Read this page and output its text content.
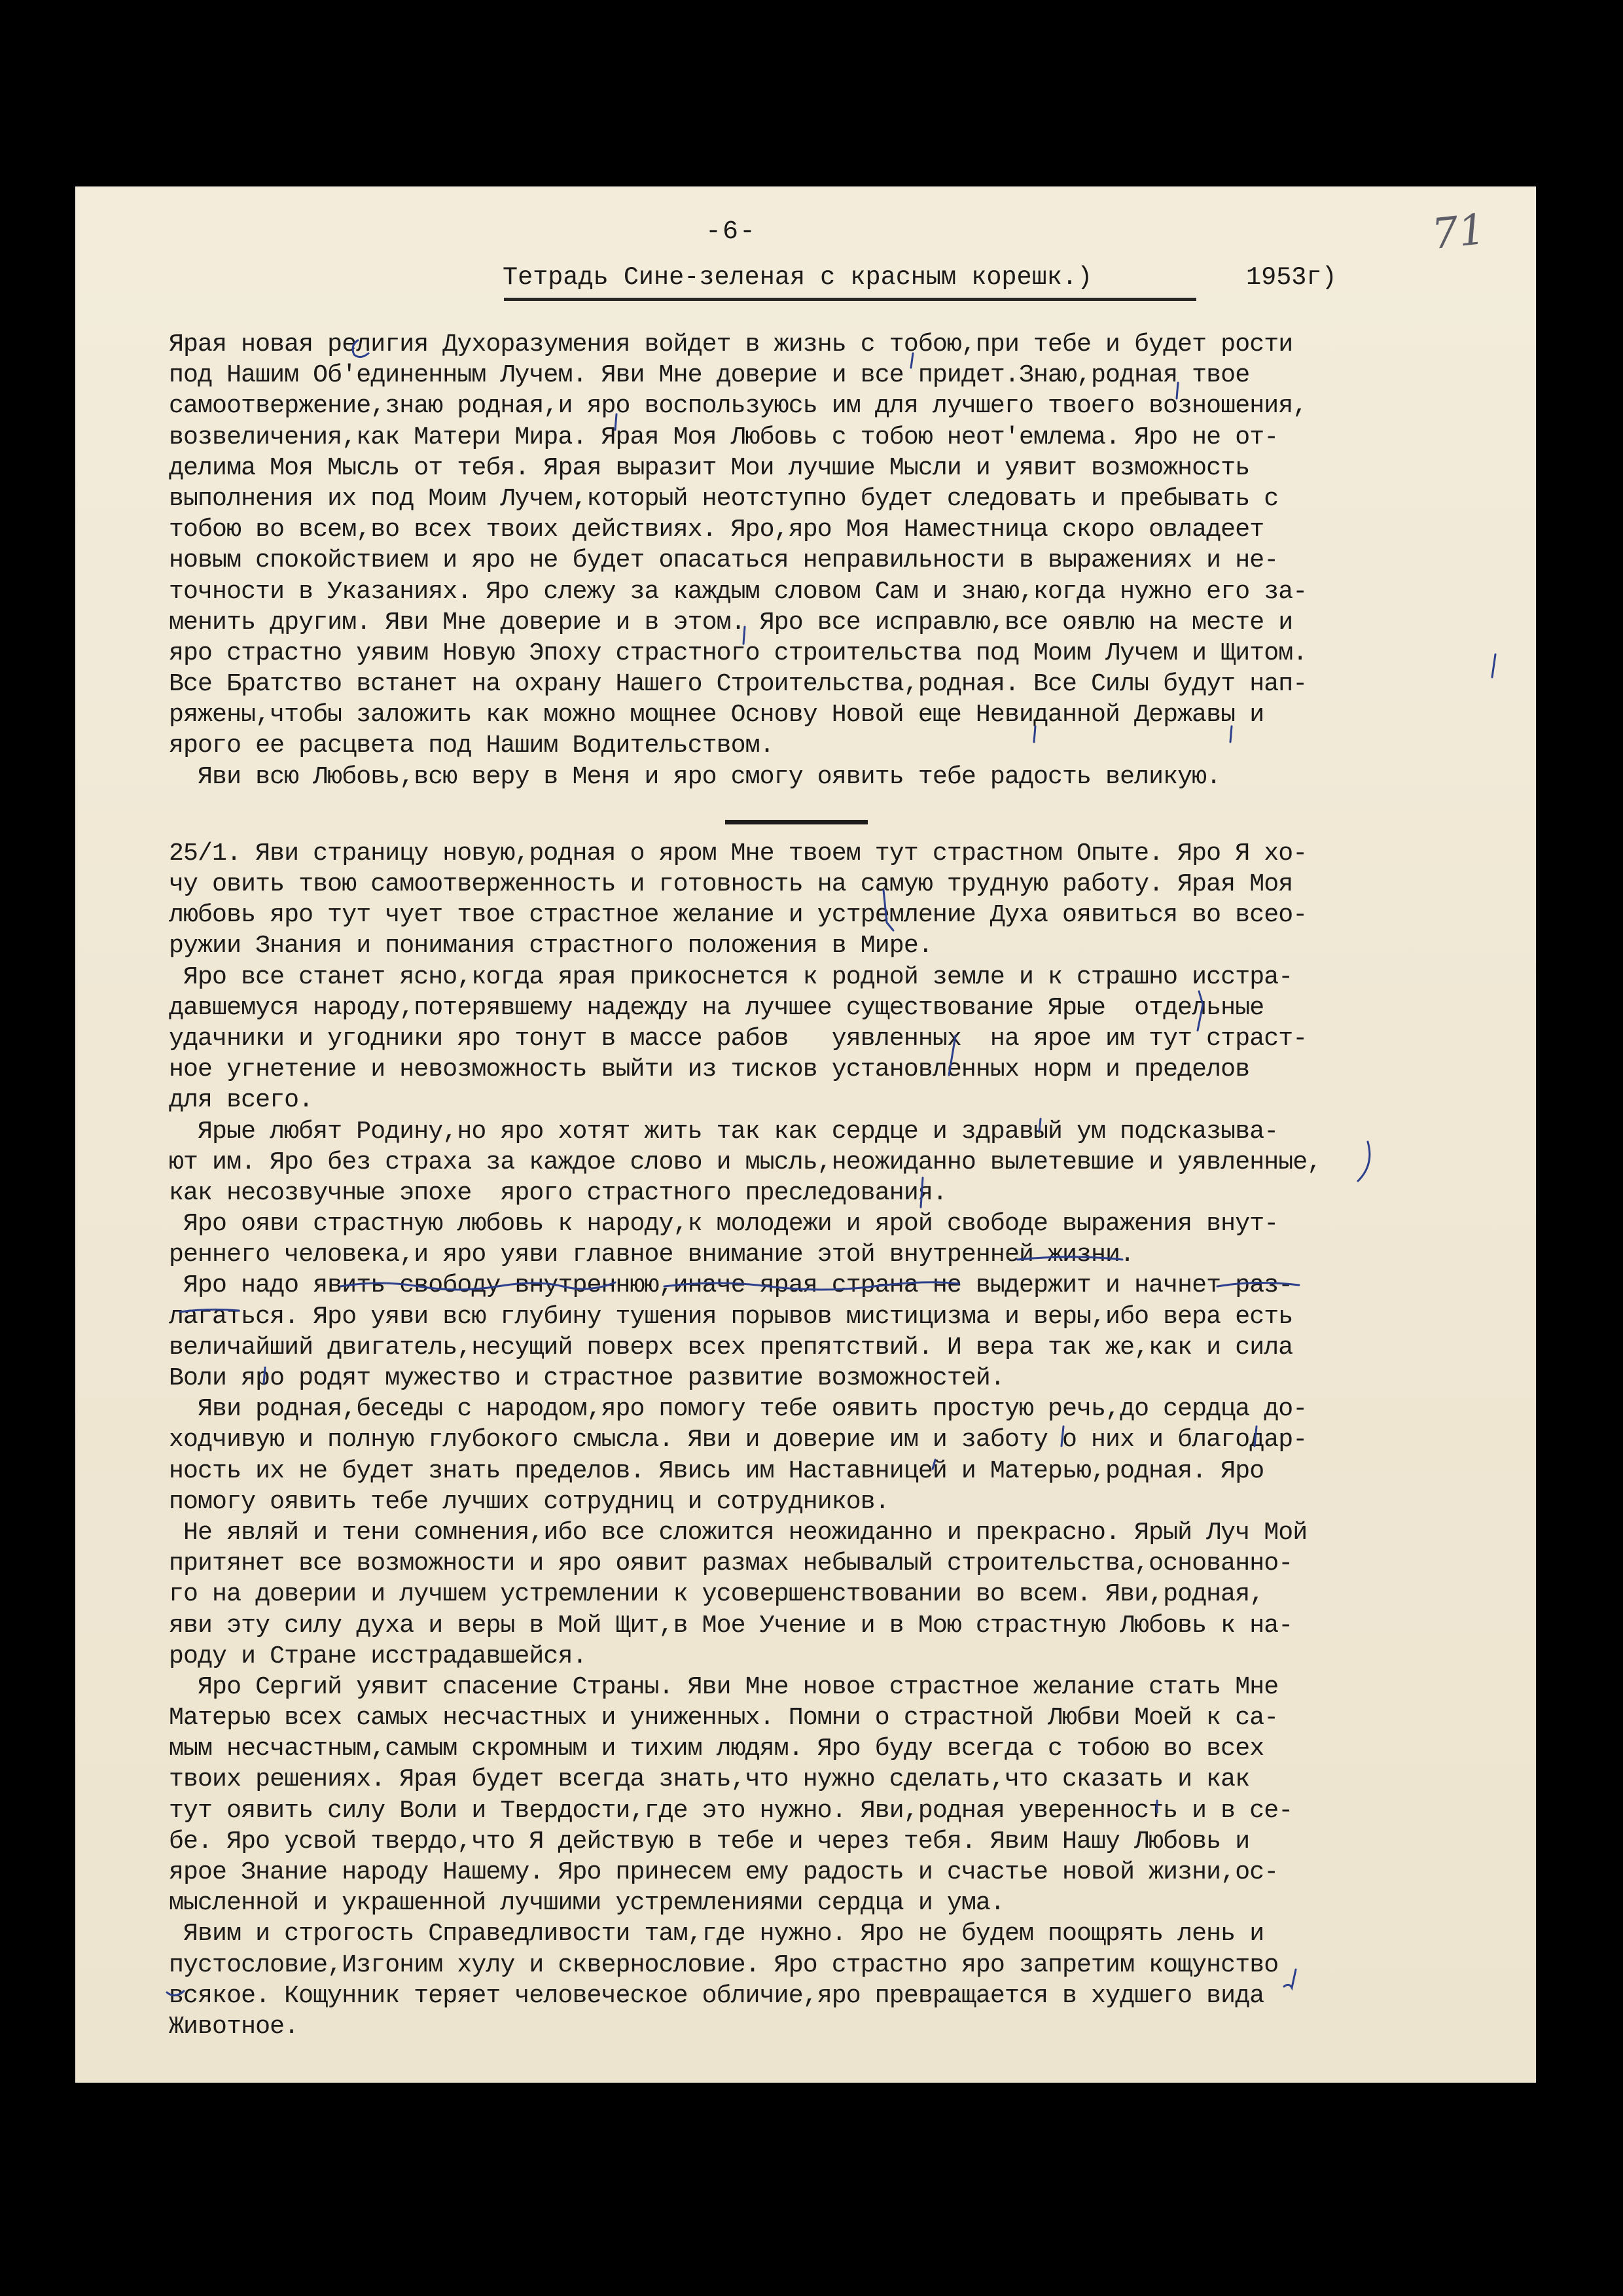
-6-	71
Тетрадь Сине-зеленая с красным корешк.)	1953г)
Ярая новая религия Духоразумения войдет в жизнь с тобою,при тебе и будет рости
под Нашим Об'единенным Лучем. Яви Мне доверие и все придет.Знаю,родная твое
самоотвержение,знаю родная,и яро воспользуюсь им для лучшего твоего возношения,
возвеличения,как Матери Мира. Ярая Моя Любовь с тобою неот'емлема. Яро не от-
делима Моя Мысль от тебя. Ярая выразит Мои лучшие Мысли и уявит возможность
выполнения их под Моим Лучем,который неотступно будет следовать и пребывать с
тобою во всем,во всех твоих действиях. Яро,яро Моя Наместница скоро овладеет
новым спокойствием и яро не будет опасаться неправильности в выражениях и не-
точности в Указаниях. Яро слежу за каждым словом Сам и знаю,когда нужно его за-
менить другим. Яви Мне доверие и в этом. Яро все исправлю,все оявлю на месте и
яро страстно уявим Новую Эпоху страстного строительства под Моим Лучем и Щитом.
Все Братство встанет на охрану Нашего Строительства,родная. Все Силы будут нап-
ряжены,чтобы заложить как можно мощнее Основу Новой еще Невиданной Державы и
ярого ее расцвета под Нашим Водительством.
Яви всю Любовь,всю веру в Меня и яро смогу оявить тебе радость великую.
25/1. Яви страницу новую,родная о яром Мне твоем тут страстном Опыте. Яро Я хо-
чу овить твою самоотверженность и готовность на самую трудную работу. Ярая Моя
любовь яро тут чует твое страстное желание и устремление Духа оявиться во всео-
ружии Знания и понимания страстного положения в Мире.
Яро все станет ясно,когда ярая прикоснется к родной земле и к страшно исстра-
давшемуся народу,потерявшему надежду на лучшее существование Ярые  отдельные
удачники и угодники яро тонут в массе рабов   уявленных  на ярое им тут страст-
ное угнетение и невозможность выйти из тисков установленных норм и пределов
для всего.
Ярые любят Родину,но яро хотят жить так как сердце и здравый ум подсказыва-
ют им. Яро без страха за каждое слово и мысль,неожиданно вылетевшие и уявленные,
как несозвучные эпохе  ярого страстного преследования.
Яро ояви страстную любовь к народу,к молодежи и ярой свободе выражения внут-
реннего человека,и яро уяви главное внимание этой внутренней жизни.
Яро надо явить свободу внутреннюю,иначе ярая страна не выдержит и начнет раз-
лагаться. Яро уяви всю глубину тушения порывов мистицизма и веры,ибо вера есть
величайший двигатель,несущий поверх всех препятствий. И вера так же,как и сила
Воли яро родят мужество и страстное развитие возможностей.
Яви родная,беседы с народом,яро помогу тебе оявить простую речь,до сердца до-
ходчивую и полную глубокого смысла. Яви и доверие им и заботу о них и благодар-
ность их не будет знать пределов. Явись им Наставницей и Матерью,родная. Яро
помогу оявить тебе лучших сотрудниц и сотрудников.
Не являй и тени сомнения,ибо все сложится неожиданно и прекрасно. Ярый Луч Мой
притянет все возможности и яро оявит размах небывалый строительства,основанно-
го на доверии и лучшем устремлении к усовершенствовании во всем. Яви,родная,
яви эту силу духа и веры в Мой Щит,в Мое Учение и в Мою страстную Любовь к на-
роду и Стране исстрадавшейся.
Яро Сергий уявит спасение Страны. Яви Мне новое страстное желание стать Мне
Матерью всех самых несчастных и униженных. Помни о страстной Любви Моей к са-
мым несчастным,самым скромным и тихим людям. Яро буду всегда с тобою во всех
твоих решениях. Ярая будет всегда знать,что нужно сделать,что сказать и как
тут оявить силу Воли и Твердости,где это нужно. Яви,родная уверенность и в се-
бе. Яро усвой твердо,что Я действую в тебе и через тебя. Явим Нашу Любовь и
ярое Знание народу Нашему. Яро принесем ему радость и счастье новой жизни,ос-
мысленной и украшенной лучшими устремлениями сердца и ума.
Явим и строгость Справедливости там,где нужно. Яро не будем поощрять лень и
пустословие,Изгоним хулу и сквернословие. Яро страстно яро запретим кощунство
всякое. Кощунник теряет человеческое обличие,яро превращается в худшего вида
Животное.
